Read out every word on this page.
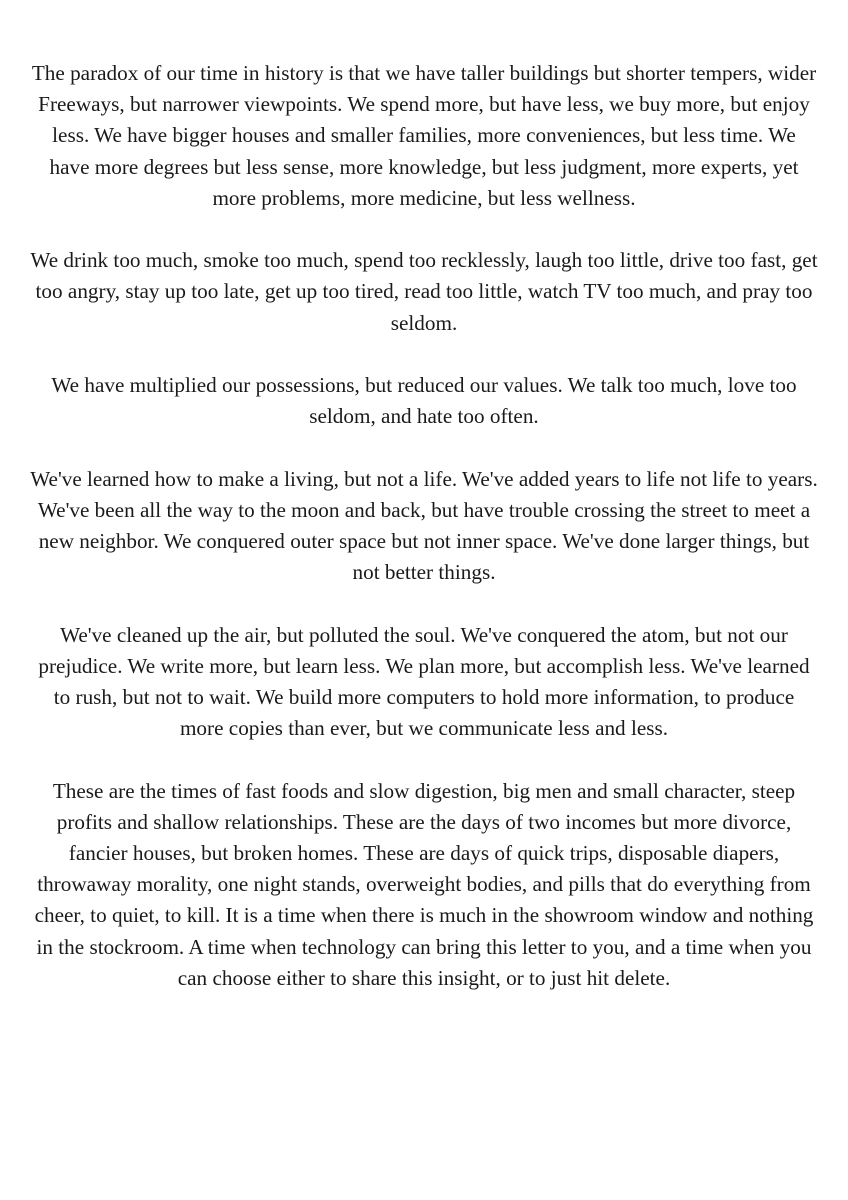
The paradox of our time in history is that we have taller buildings but shorter tempers, wider Freeways, but narrower viewpoints. We spend more, but have less, we buy more, but enjoy less. We have bigger houses and smaller families, more conveniences, but less time. We have more degrees but less sense, more knowledge, but less judgment, more experts, yet more problems, more medicine, but less wellness.

We drink too much, smoke too much, spend too recklessly, laugh too little, drive too fast, get too angry, stay up too late, get up too tired, read too little, watch TV too much, and pray too seldom.

We have multiplied our possessions, but reduced our values. We talk too much, love too seldom, and hate too often.

We've learned how to make a living, but not a life. We've added years to life not life to years. We've been all the way to the moon and back, but have trouble crossing the street to meet a new neighbor. We conquered outer space but not inner space. We've done larger things, but not better things.

We've cleaned up the air, but polluted the soul. We've conquered the atom, but not our prejudice. We write more, but learn less. We plan more, but accomplish less. We've learned to rush, but not to wait. We build more computers to hold more information, to produce more copies than ever, but we communicate less and less.

These are the times of fast foods and slow digestion, big men and small character, steep profits and shallow relationships. These are the days of two incomes but more divorce, fancier houses, but broken homes. These are days of quick trips, disposable diapers, throwaway morality, one night stands, overweight bodies, and pills that do everything from cheer, to quiet, to kill. It is a time when there is much in the showroom window and nothing in the stockroom. A time when technology can bring this letter to you, and a time when you can choose either to share this insight, or to just hit delete.
